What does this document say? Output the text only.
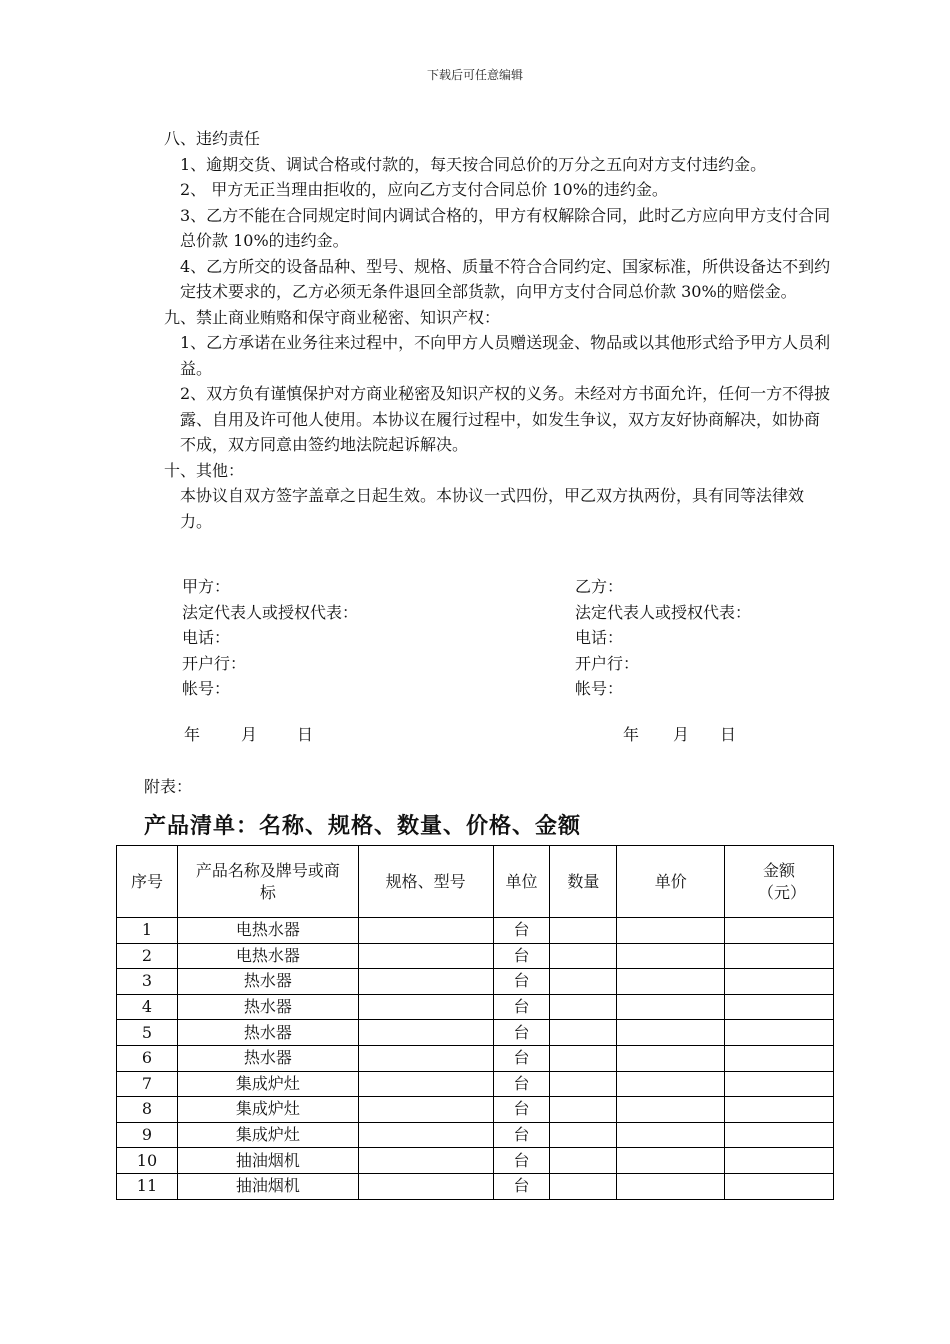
下载后可任意编辑

八、违约责任

1、逾期交货、调试合格或付款的，每天按合同总价的万分之五向对方支付违约金。

2、 甲方无正当理由拒收的，应向乙方支付合同总价 10%的违约金。

3、乙方不能在合同规定时间内调试合格的，甲方有权解除合同，此时乙方应向甲方支付合同总价款 10%的违约金。

4、乙方所交的设备品种、型号、规格、质量不符合合同约定、国家标准，所供设备达不到约定技术要求的，乙方必须无条件退回全部货款，向甲方支付合同总价款 30%的赔偿金。

九、禁止商业贿赂和保守商业秘密、知识产权：

1、乙方承诺在业务往来过程中，不向甲方人员赠送现金、物品或以其他形式给予甲方人员利益。

2、双方负有谨慎保护对方商业秘密及知识产权的义务。未经对方书面允许，任何一方不得披露、自用及许可他人使用。本协议在履行过程中，如发生争议，双方友好协商解决，如协商不成，双方同意由签约地法院起诉解决。

十、其他：

本协议自双方签字盖章之日起生效。本协议一式四份，甲乙双方执两份，具有同等法律效力。

甲方：
法定代表人或授权代表：
电话：
开户行：
帐号：
乙方：
法定代表人或授权代表：
电话：
开户行：
帐号：
年	月 日	年 月 日
附表：
产品清单：名称、规格、数量、价格、金额
序号	产品名称及牌号或商标	规格、型号	单位	数量	单价	金额（元）

1	电热水器		台			
2	电热水器		台			
3	热水器		台			
4	热水器		台			
5	热水器		台			
6	热水器		台			
7	集成炉灶		台			
8	集成炉灶		台			
9	集成炉灶		台			
10	抽油烟机		台			
11	抽油烟机		台			
